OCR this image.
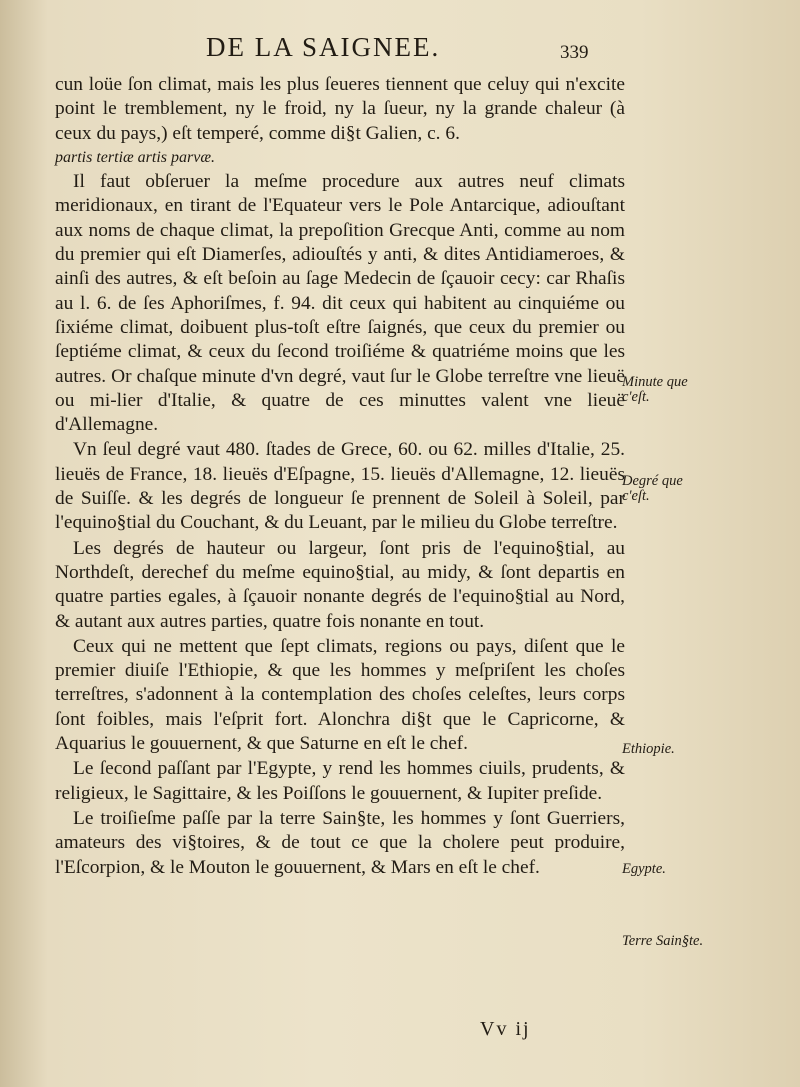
DE LA SAIGNEE.	339

cun loüe ſon climat, mais les plus ſeueres tiennent que celuy qui n'excite point le tremblement, ny le froid, ny la ſueur, ny la grande chaleur (à ceux du pays,) eſt temperé, comme di§t Galien, c. 6.

partis tertiæ artis parvæ.

Il faut obſeruer la meſme procedure aux autres neuf climats meridionaux, en tirant de l'Equateur vers le Pole Antarcique, adiouſtant aux noms de chaque climat, la prepoſition Grecque Anti, comme au nom du premier qui eſt Diamerſes, adiouſtés y anti, & dites Antidiameroes, & ainſi des autres, & eſt beſoin au ſage Medecin de ſçauoir cecy: car Rhaſis au l. 6. de ſes Aphoriſmes, f. 94. dit ceux qui habitent au cinquiéme ou ſixiéme climat, doibuent plus-toſt eſtre ſaignés, que ceux du premier ou ſeptiéme climat, & ceux du ſecond troiſiéme & quatriéme moins que les autres. Or chaſque minute d'vn degré, vaut ſur le Globe terreſtre vne lieuë ou mi-lier d'Italie, & quatre de ces minuttes valent vne lieuë d'Allemagne.

Vn ſeul degré vaut 480. ſtades de Grece, 60. ou 62. milles d'Italie, 25. lieuës de France, 18. lieuës d'Eſpagne, 15. lieuës d'Allemagne, 12. lieuës de Suiſſe. & les degrés de longueur ſe prennent de Soleil à Soleil, par l'equino§tial du Couchant, & du Leuant, par le milieu du Globe terreſtre.

Les degrés de hauteur ou largeur, ſont pris de l'equino§tial, au Northdeſt, derechef du meſme equino§tial, au midy, & ſont departis en quatre parties egales, à ſçauoir nonante degrés de l'equino§tial au Nord, & autant aux autres parties, quatre fois nonante en tout.

Ceux qui ne mettent que ſept climats, regions ou pays, diſent que le premier diuiſe l'Ethiopie, & que les hommes y meſpriſent les choſes terreſtres, s'adonnent à la contemplation des choſes celeſtes, leurs corps ſont foibles, mais l'eſprit fort. Alonchra di§t que le Capricorne, & Aquarius le gouuernent, & que Saturne en eſt le chef.

Le ſecond paſſant par l'Egypte, y rend les hommes ciuils, prudents, & religieux, le Sagittaire, & les Poiſſons le gouuernent, & Iupiter preſide.

Le troiſieſme paſſe par la terre Sain§te, les hommes y ſont Guerriers, amateurs des vi§toires, & de tout ce que la cholere peut produire, l'Eſcorpion, & le Mouton le gouuernent, & Mars en eſt le chef.

Minute que c'eſt.
Degré que c'eſt.
Ethiopie.
Egypte.
Terre Sain§te.
Vv ij
